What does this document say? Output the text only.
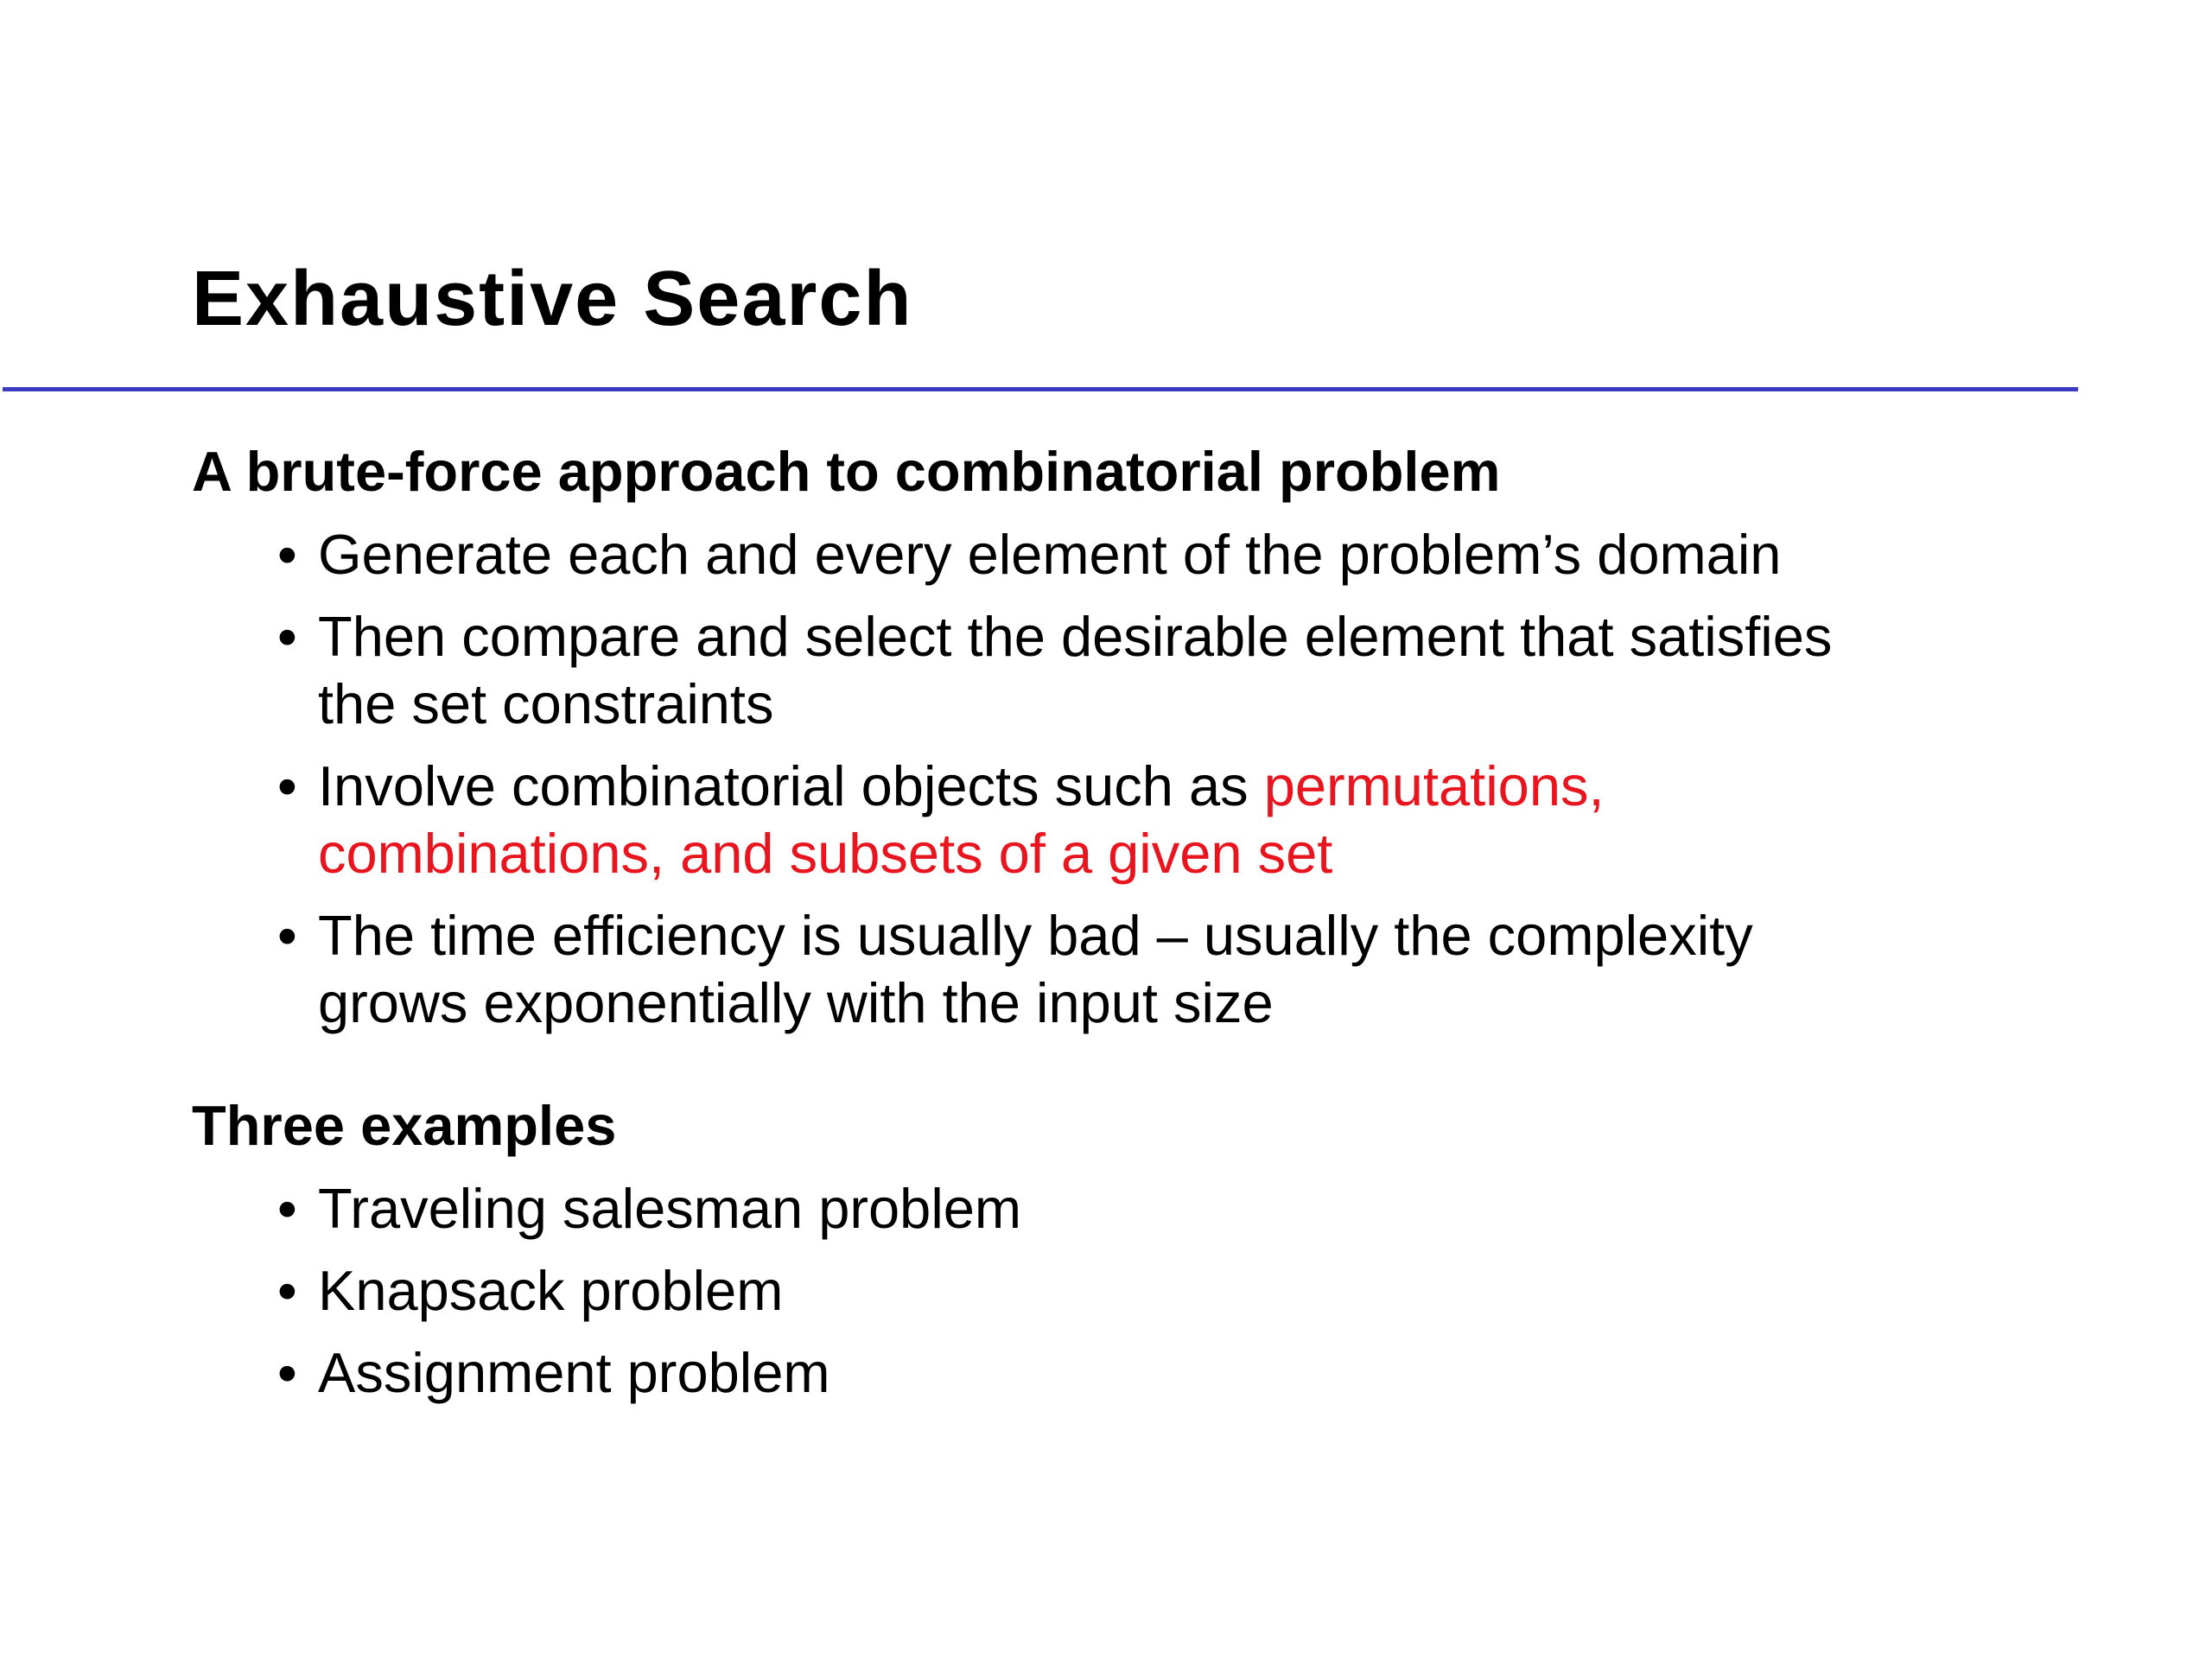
Exhaustive Search
A brute-force approach to combinatorial problem
• Generate each and every element of the problem’s domain
• Then compare and select the desirable element that satisfies
the set constraints
• Involve combinatorial objects such as permutations,
combinations, and subsets of a given set
• The time efficiency is usually bad – usually the complexity
grows exponentially with the input size
Three examples
• Traveling salesman problem
• Knapsack problem
• Assignment problem
